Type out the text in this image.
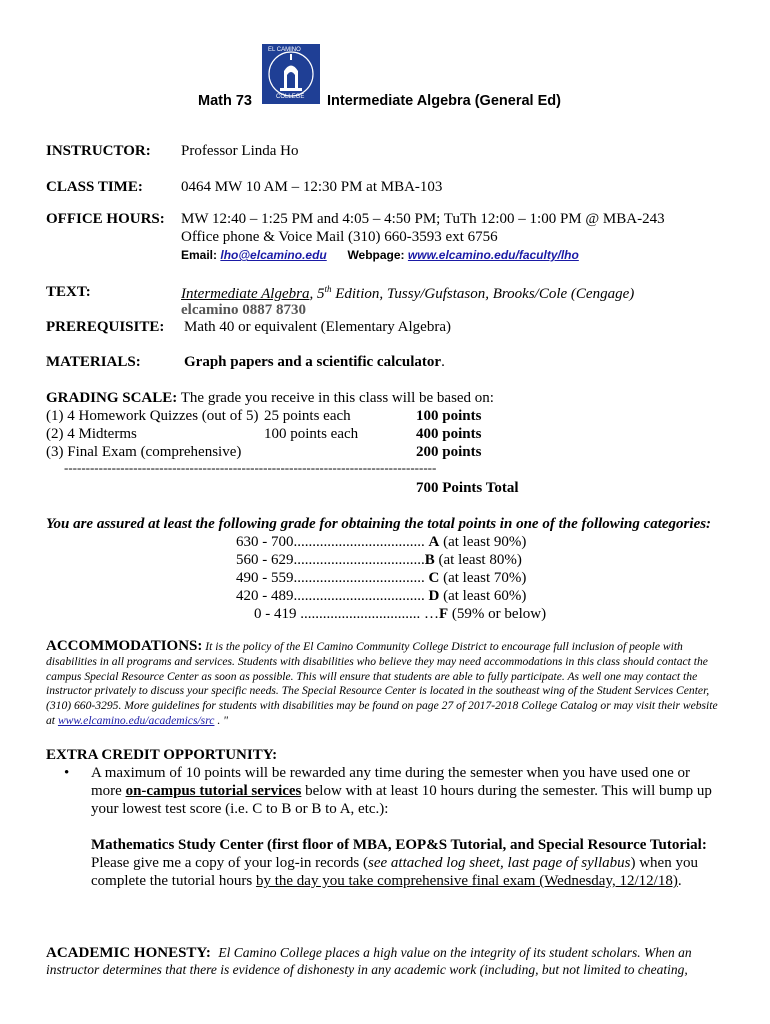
Math 73
EL CAMINO
COLLEGE Intermediate Algebra (General Ed)
INSTRUCTOR: Professor Linda Ho
CLASS TIME:	0464 MW 10 AM – 12:30 PM at MBA-103
OFFICE HOURS: MW 12:40 – 1:25 PM and 4:05 – 4:50 PM; TuTh 12:00 – 1:00 PM @ MBA-243
Office phone & Voice Mail (310) 660-3593 ext 6756
Email: lho@elcamino.edu Webpage: www.elcamino.edu/faculty/lho
TEXT:	Intermediate Algebra, 5th Edition, Tussy/Gufstason, Brooks/Cole (Cengage)
elcamino 0887 8730
PREREQUISITE: Math 40 or equivalent (Elementary Algebra)
MATERIALS:	Graph papers and a scientific calculator.
GRADING SCALE: The grade you receive in this class will be based on:
(1) 4 Homework Quizzes (out of 5) 25 points each	100 points
(2) 4 Midterms	100 points each	400 points
(3) Final Exam (comprehensive)	200 points
--------------------------------------------------------------------------------------
700 Points Total
You are assured at least the following grade for obtaining the total points in one of the following categories:
630 - 700................................... A (at least 90%)
560 - 629...................................B (at least 80%)
490 - 559................................... C (at least 70%)
420 - 489................................... D (at least 60%)
0 - 419 ................................ …F (59% or below)
ACCOMMODATIONS: It is the policy of the El Camino Community College District to encourage full inclusion of people with disabilities in all programs and services. Students with disabilities who believe they may need accommodations in this class should contact the campus Special Resource Center as soon as possible. This will ensure that students are able to fully participate. As well one may contact the instructor privately to discuss your specific needs. The Special Resource Center is located in the southeast wing of the Student Services Center, (310) 660-3295. More guidelines for students with disabilities may be found on page 27 of 2017-2018 College Catalog or may visit their website at www.elcamino.edu/academics/src . "
EXTRA CREDIT OPPORTUNITY:
• A maximum of 10 points will be rewarded any time during the semester when you have used one or
more on-campus tutorial services below with at least 10 hours during the semester. This will bump up
your lowest test score (i.e. C to B or B to A, etc.):
Mathematics Study Center (first floor of MBA, EOP&S Tutorial, and Special Resource Tutorial:
Please give me a copy of your log-in records (see attached log sheet, last page of syllabus) when you
complete the tutorial hours by the day you take comprehensive final exam (Wednesday, 12/12/18).
ACADEMIC HONESTY: El Camino College places a high value on the integrity of its student scholars. When an
instructor determines that there is evidence of dishonesty in any academic work (including, but not limited to cheating,
